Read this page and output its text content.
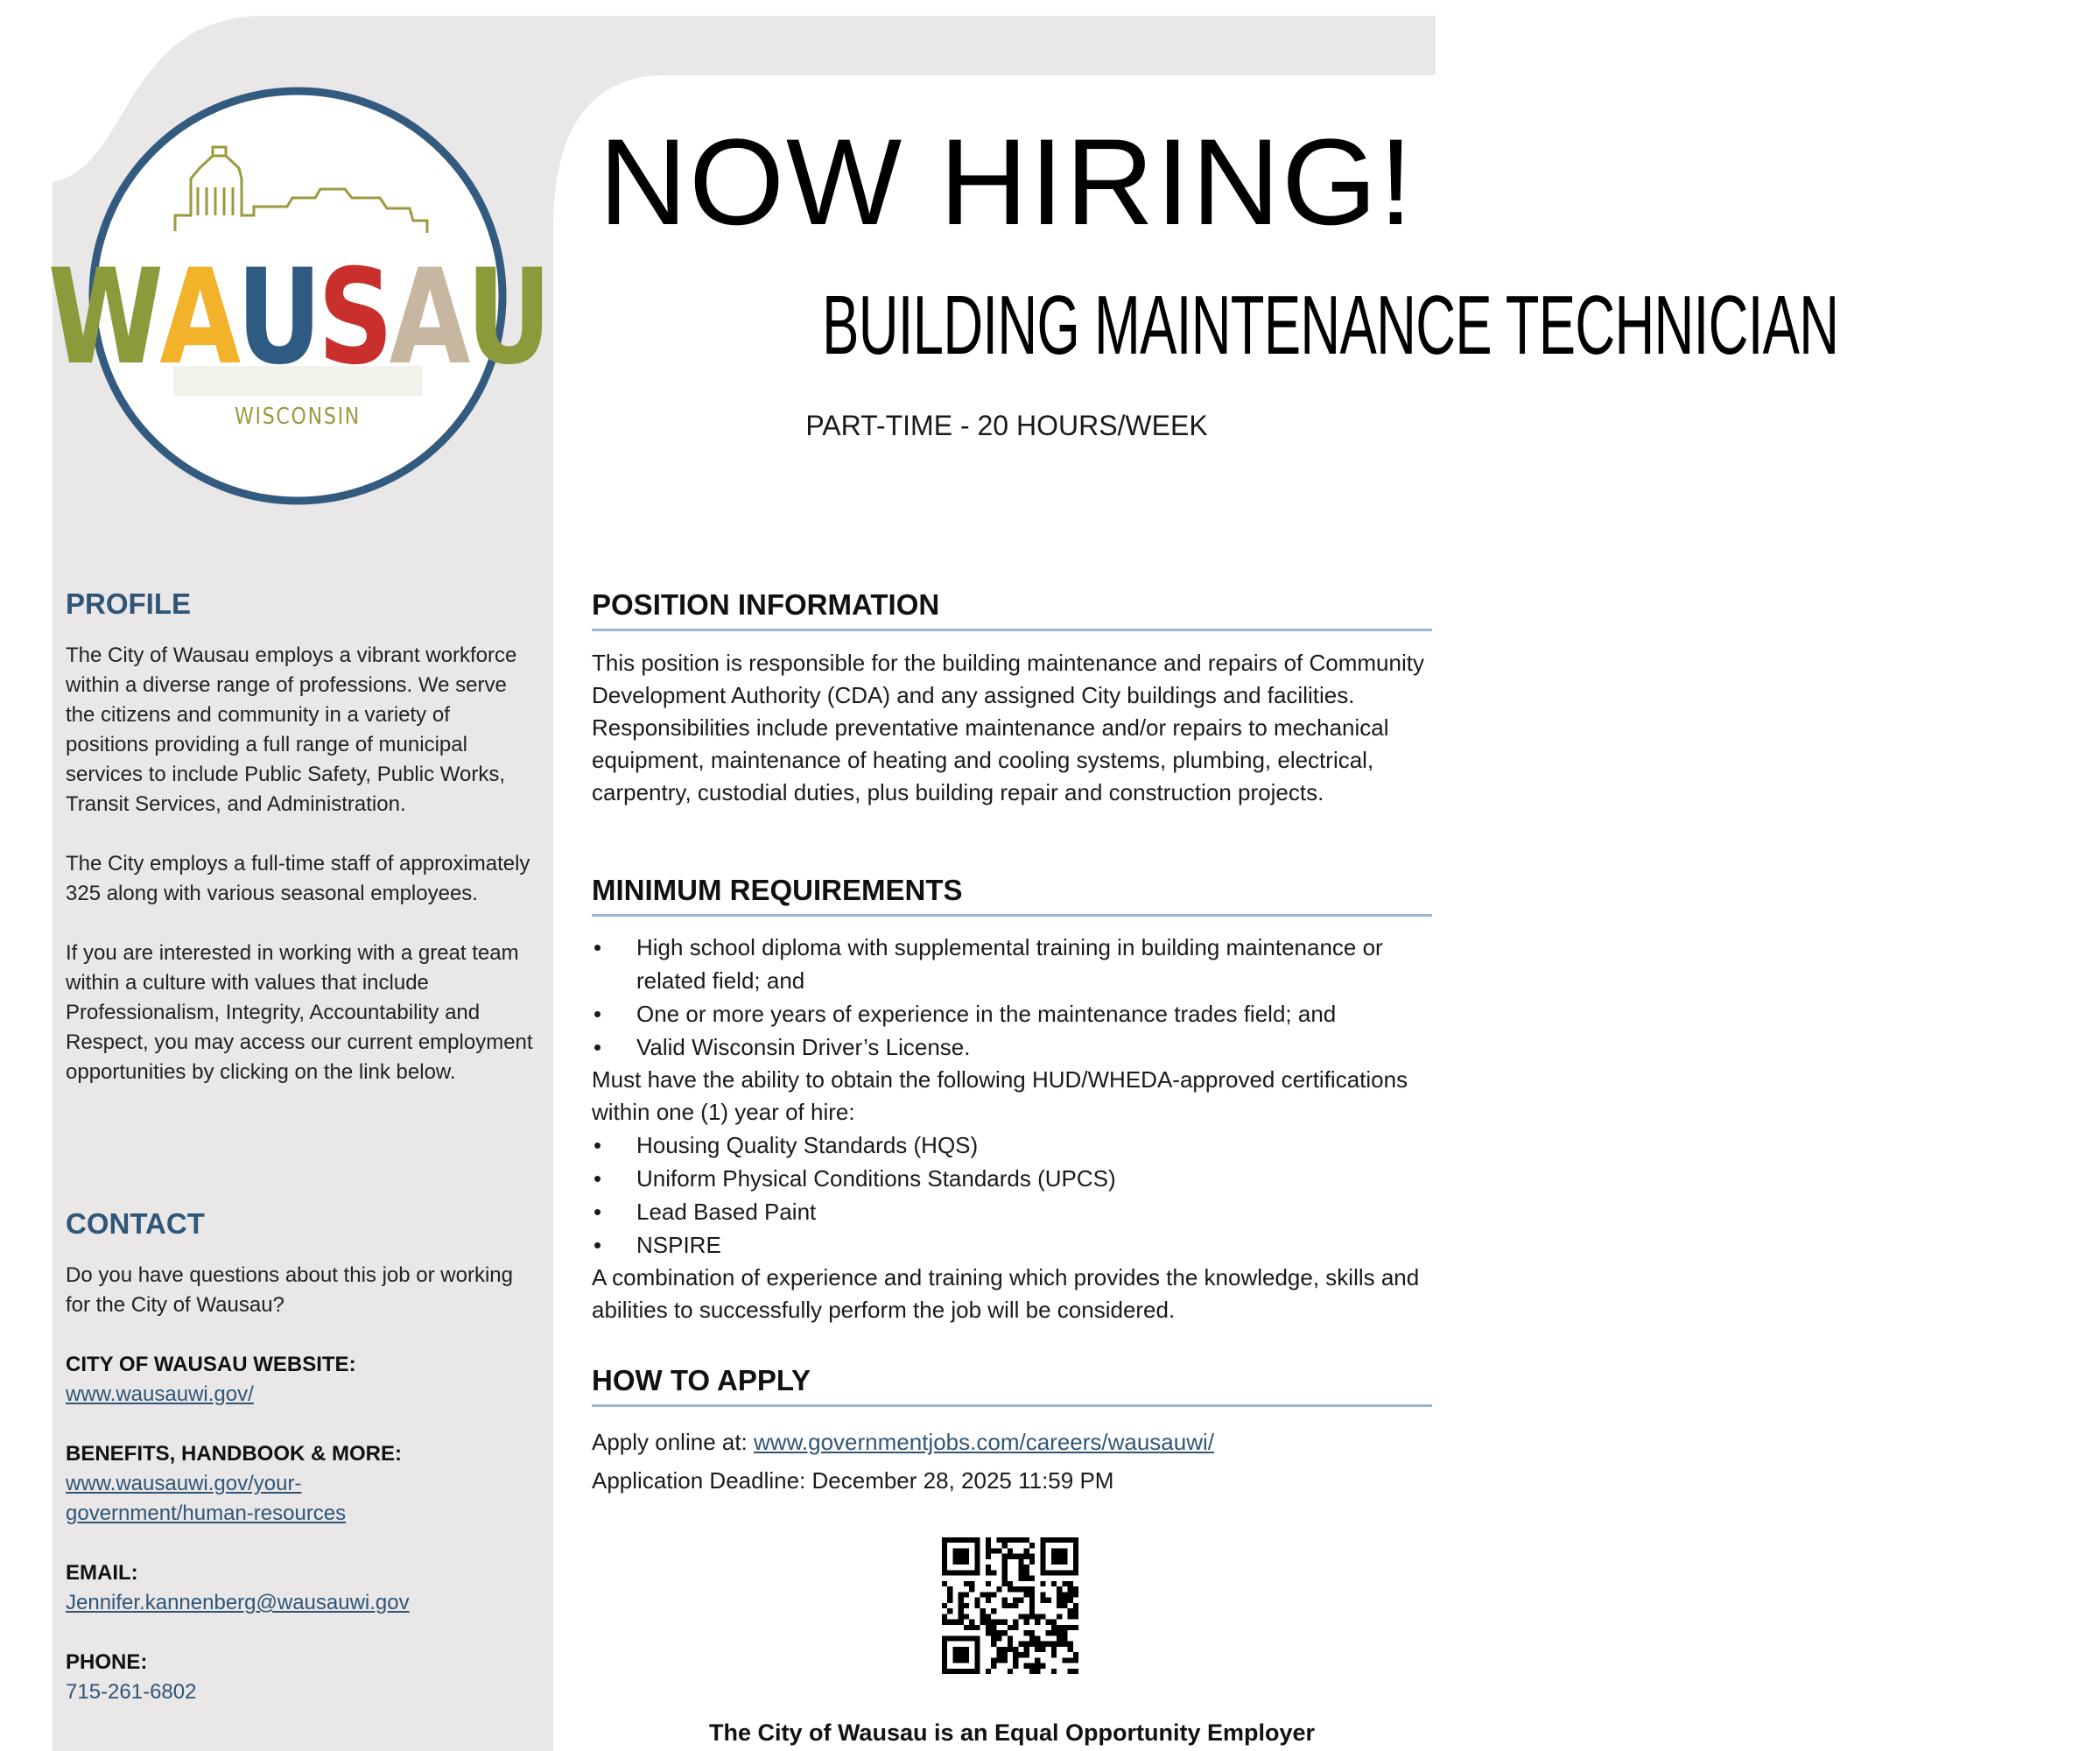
WAUSAU
WISCONSIN
NOW HIRING!
BUILDING MAINTENANCE TECHNICIAN
PART-TIME - 20 HOURS/WEEK
PROFILE

The City of Wausau employs a vibrant workforce within a diverse range of professions. We serve the citizens and community in a variety of positions providing a full range of municipal services to include Public Safety, Public Works, Transit Services, and Administration.

The City employs a full-time staff of approximately 325 along with various seasonal employees.

If you are interested in working with a great team within a culture with values that include Professionalism, Integrity, Accountability and Respect, you may access our current employment opportunities by clicking on the link below.

CONTACT

Do you have questions about this job or working for the City of Wausau?

CITY OF WAUSAU WEBSITE:

www.wausauwi.gov/

BENEFITS, HANDBOOK & MORE:

www.wausauwi.gov/your-

government/human-resources

EMAIL:

Jennifer.kannenberg@wausauwi.gov

PHONE:

715-261-6802

POSITION INFORMATION

This position is responsible for the building maintenance and repairs of Community Development Authority (CDA) and any assigned City buildings and facilities. Responsibilities include preventative maintenance and/or repairs to mechanical equipment, maintenance of heating and cooling systems, plumbing, electrical, carpentry, custodial duties, plus building repair and construction projects.

MINIMUM REQUIREMENTS
• High school diploma with supplemental training in building maintenance or related field; and
• One or more years of experience in the maintenance trades field; and
• Valid Wisconsin Driver’s License.

Must have the ability to obtain the following HUD/WHEDA-approved certifications within one (1) year of hire:

• Housing Quality Standards (HQS)
• Uniform Physical Conditions Standards (UPCS)
• Lead Based Paint
• NSPIRE

A combination of experience and training which provides the knowledge, skills and abilities to successfully perform the job will be considered.

HOW TO APPLY

Apply online at: www.governmentjobs.com/careers/wausauwi/

Application Deadline: December 28, 2025 11:59 PM

The City of Wausau is an Equal Opportunity Employer
